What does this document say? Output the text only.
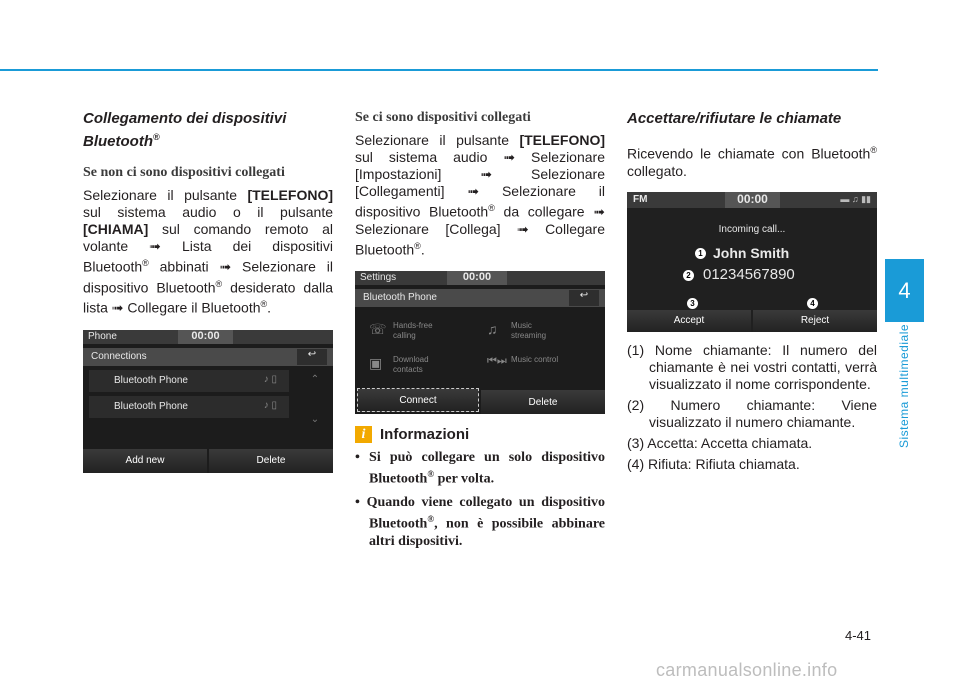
4
Sistema multimediale
Collegamento dei dispositivi Bluetooth®
Se non ci sono dispositivi collegati

Selezionare il pulsante [TELEFONO] sul sistema audio o il pulsante [CHIAMA] sul comando remoto al volante ➟ Lista dei dispositivi Bluetooth® abbinati ➟ Selezionare il dispositivo Bluetooth® desiderato dalla lista ➟ Collegare il Bluetooth®.

Phone	00:00
Connections	↩
Bluetooth Phone	♪ ▯
Bluetooth Phone	♪ ▯
⌃
⌄
Add new	Delete
Se ci sono dispositivi collegati

Selezionare il pulsante [TELEFONO] sul sistema audio ➟ Selezionare [Impostazioni] ➟ Selezionare [Collegamenti] ➟ Selezionare il dispositivo Bluetooth® da collegare ➟ Selezionare [Collega] ➟ Collegare Bluetooth®.

Settings	00:00
Bluetooth Phone	↩
☏ Hands-free calling	♫ Music streaming
▣ Download contacts
⏮⏭ Music control
Connect	Delete
i Informazioni
• Si può collegare un solo dispositivo Bluetooth® per volta.
• Quando viene collegato un dispositivo Bluetooth®, non è possibile abbinare altri dispositivi.
Accettare/rifiutare le chiamate

Ricevendo le chiamate con Bluetooth® collegato.

FM	00:00	▬ ♫ ▮▮
Incoming call...
1 John Smith
2 01234567890
Accept	Reject
3	4
(1) Nome chiamante: Il numero del chiamante è nei vostri contatti, verrà visualizzato il nome corrispondente.
(2) Numero chiamante: Viene visualizzato il numero chiamante.
(3) Accetta: Accetta chiamata.
(4) Rifiuta: Rifiuta chiamata.
4-41
carmanualsonline.info
